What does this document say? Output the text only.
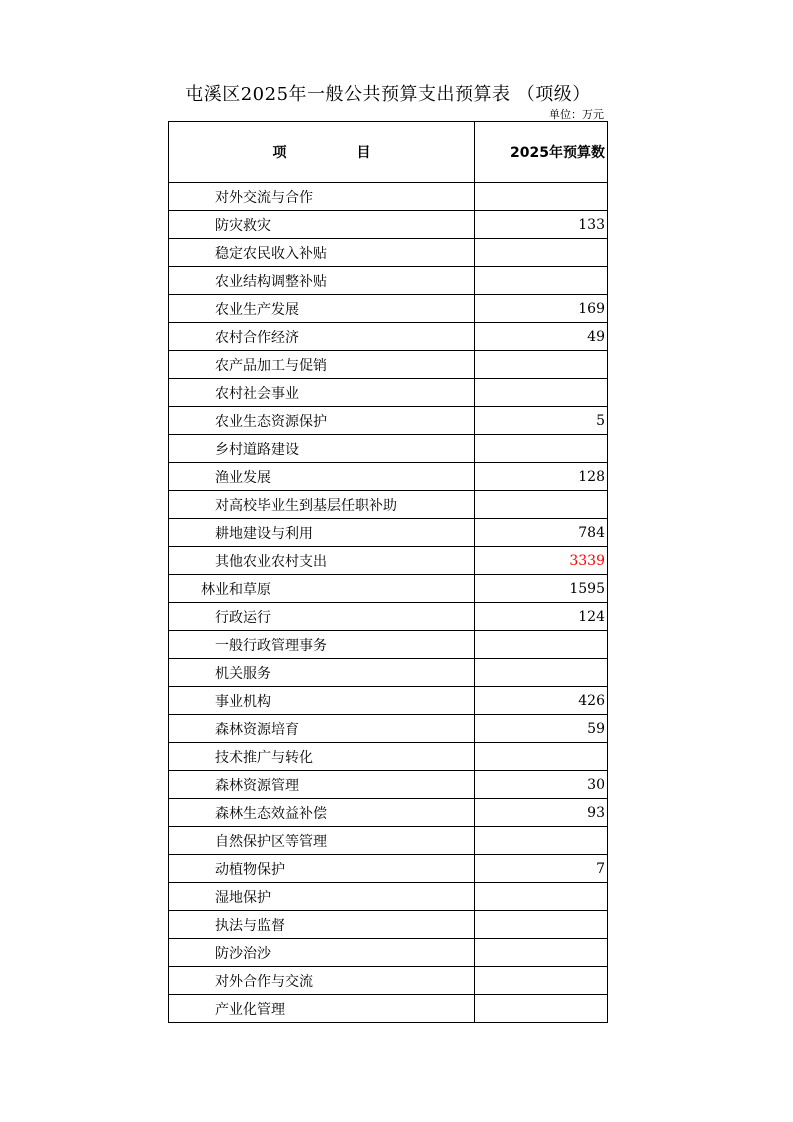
屯溪区2025年一般公共预算支出预算表 （项级）
单位：万元
项 目	2025年预算数
对外交流与合作	
防灾救灾	133
稳定农民收入补贴	
农业结构调整补贴	
农业生产发展	169
农村合作经济	49
农产品加工与促销	
农村社会事业	
农业生态资源保护	5
乡村道路建设	
渔业发展	128
对高校毕业生到基层任职补助	
耕地建设与利用	784
其他农业农村支出	3339
林业和草原	1595
行政运行	124
一般行政管理事务	
机关服务	
事业机构	426
森林资源培育	59
技术推广与转化	
森林资源管理	30
森林生态效益补偿	93
自然保护区等管理	
动植物保护	7
湿地保护	
执法与监督	
防沙治沙	
对外合作与交流	
产业化管理	
